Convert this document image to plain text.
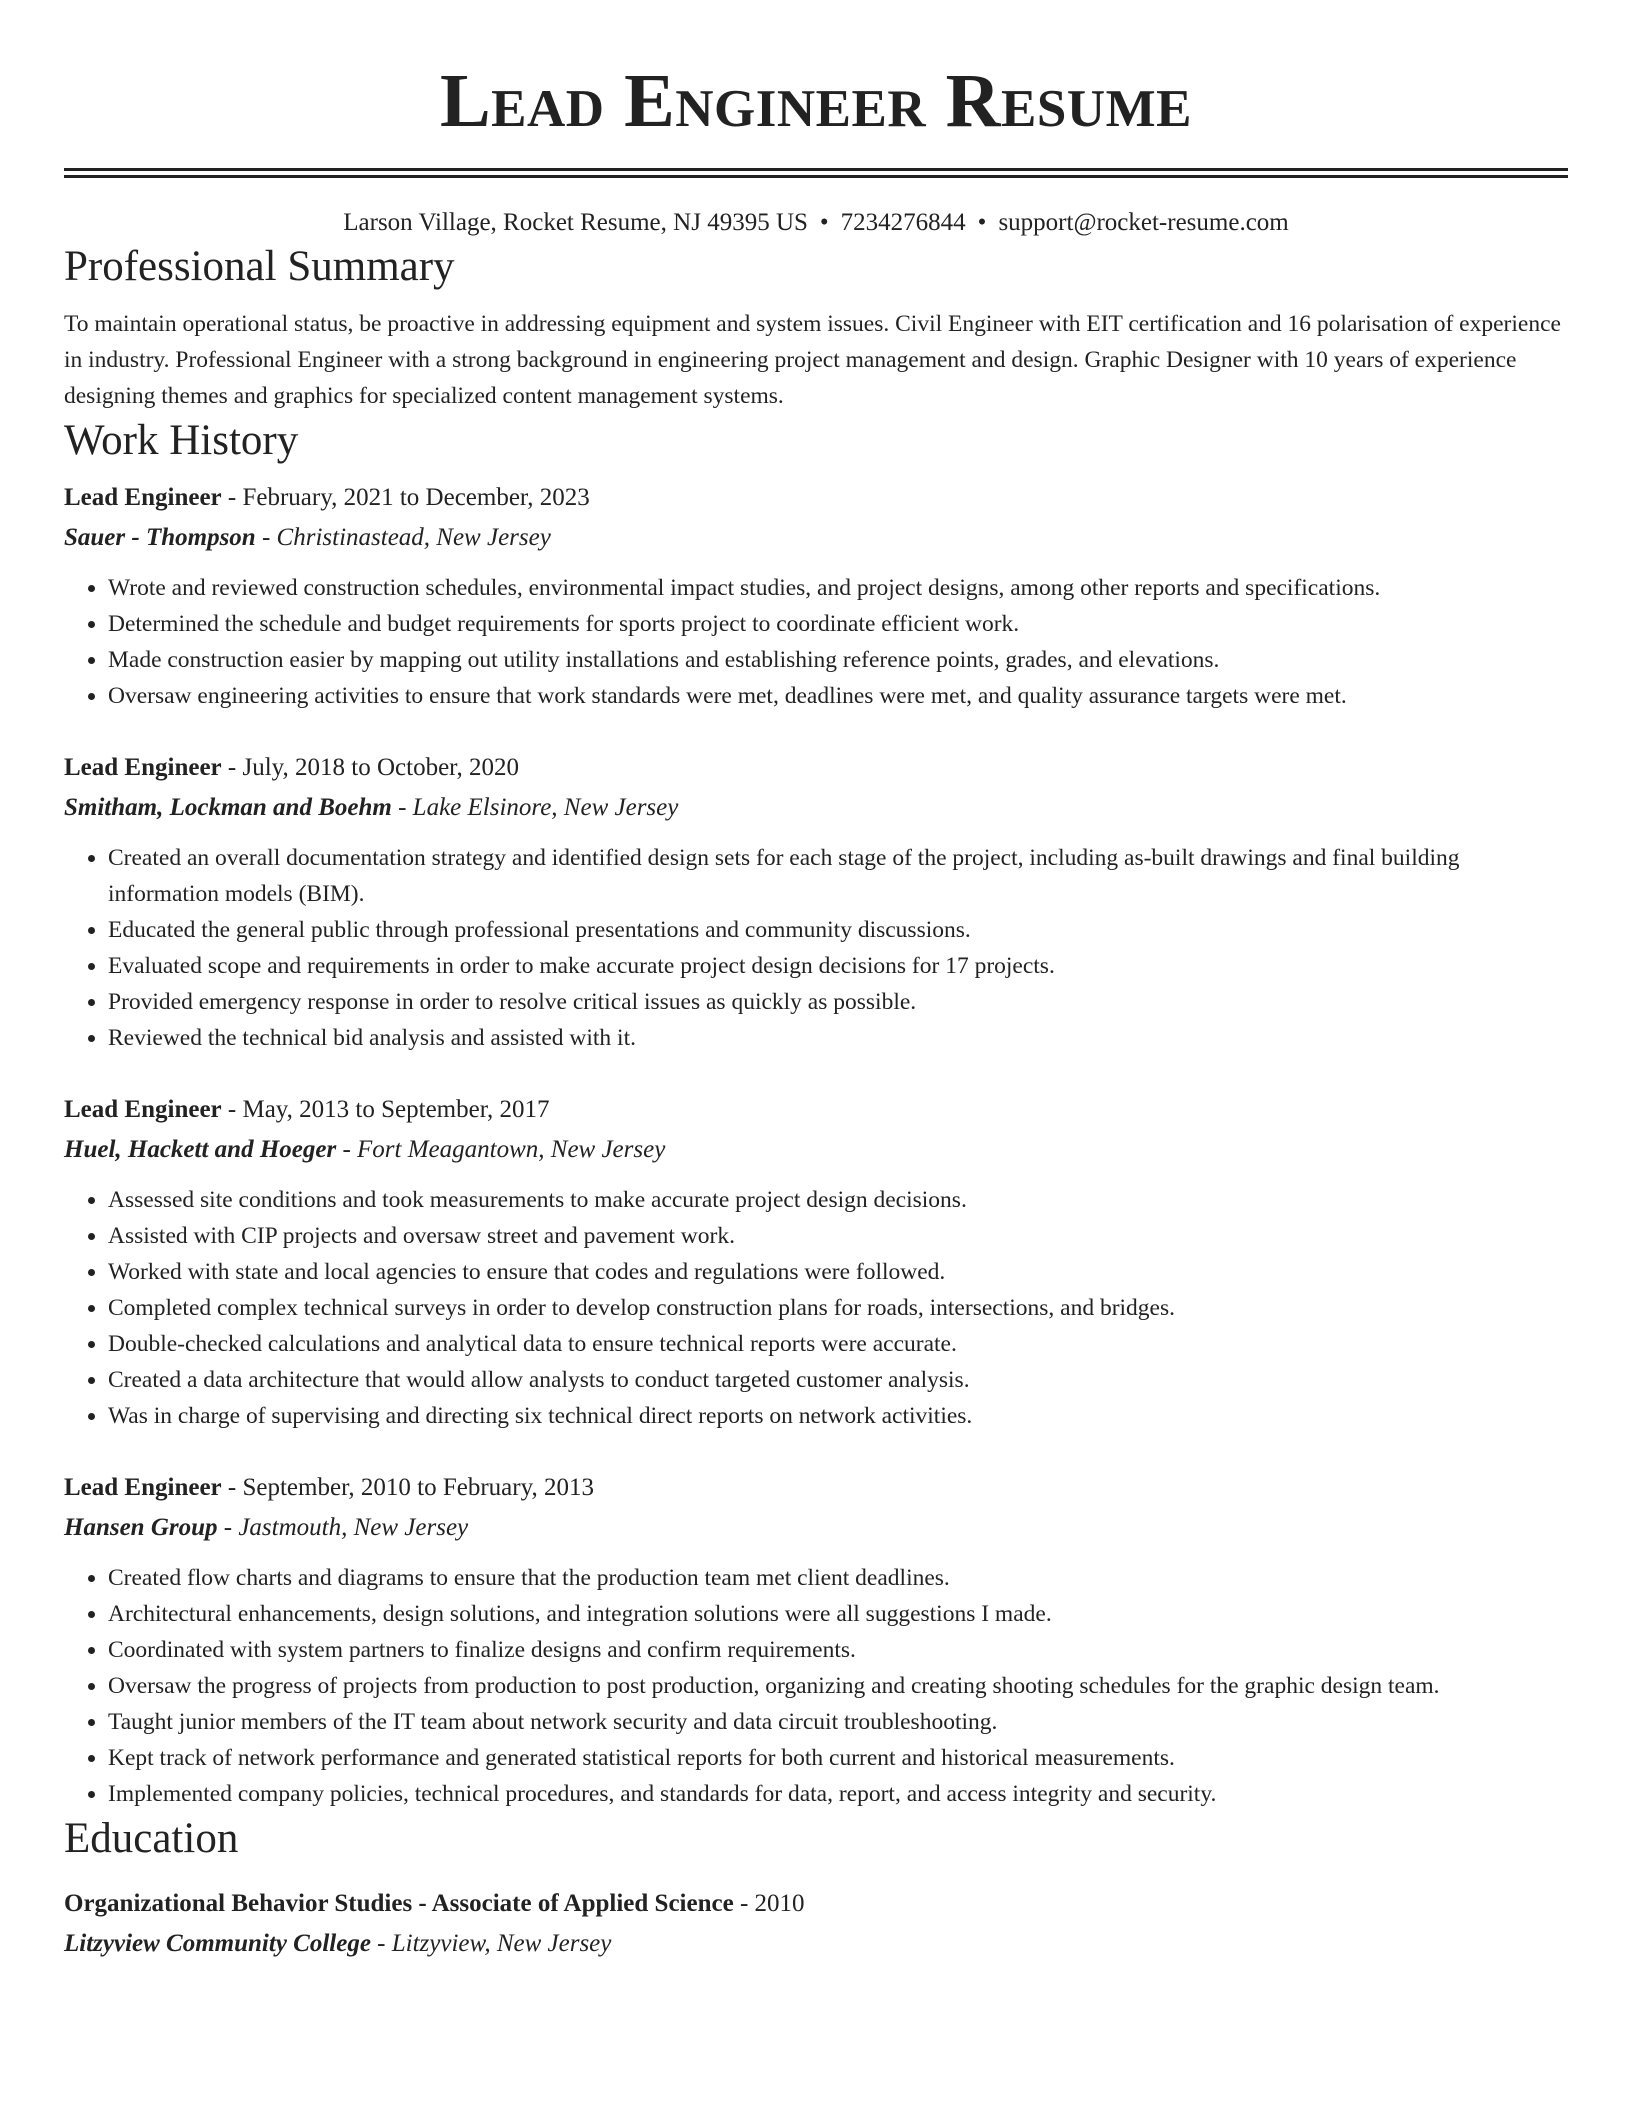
Lead Engineer Resume
Larson Village, Rocket Resume, NJ 49395 US • 7234276844 • support@rocket-resume.com
Professional Summary
To maintain operational status, be proactive in addressing equipment and system issues. Civil Engineer with EIT certification and 16 polarisation of experience in industry. Professional Engineer with a strong background in engineering project management and design. Graphic Designer with 10 years of experience designing themes and graphics for specialized content management systems.
Work History
Lead Engineer - February, 2021 to December, 2023
Sauer - Thompson - Christinastead, New Jersey
• Wrote and reviewed construction schedules, environmental impact studies, and project designs, among other reports and specifications.
• Determined the schedule and budget requirements for sports project to coordinate efficient work.
• Made construction easier by mapping out utility installations and establishing reference points, grades, and elevations.
• Oversaw engineering activities to ensure that work standards were met, deadlines were met, and quality assurance targets were met.
Lead Engineer - July, 2018 to October, 2020
Smitham, Lockman and Boehm - Lake Elsinore, New Jersey
• Created an overall documentation strategy and identified design sets for each stage of the project, including as-built drawings and final building information models (BIM).
• Educated the general public through professional presentations and community discussions.
• Evaluated scope and requirements in order to make accurate project design decisions for 17 projects.
• Provided emergency response in order to resolve critical issues as quickly as possible.
• Reviewed the technical bid analysis and assisted with it.
Lead Engineer - May, 2013 to September, 2017
Huel, Hackett and Hoeger - Fort Meagantown, New Jersey
• Assessed site conditions and took measurements to make accurate project design decisions.
• Assisted with CIP projects and oversaw street and pavement work.
• Worked with state and local agencies to ensure that codes and regulations were followed.
• Completed complex technical surveys in order to develop construction plans for roads, intersections, and bridges.
• Double-checked calculations and analytical data to ensure technical reports were accurate.
• Created a data architecture that would allow analysts to conduct targeted customer analysis.
• Was in charge of supervising and directing six technical direct reports on network activities.
Lead Engineer - September, 2010 to February, 2013
Hansen Group - Jastmouth, New Jersey
• Created flow charts and diagrams to ensure that the production team met client deadlines.
• Architectural enhancements, design solutions, and integration solutions were all suggestions I made.
• Coordinated with system partners to finalize designs and confirm requirements.
• Oversaw the progress of projects from production to post production, organizing and creating shooting schedules for the graphic design team.
• Taught junior members of the IT team about network security and data circuit troubleshooting.
• Kept track of network performance and generated statistical reports for both current and historical measurements.
• Implemented company policies, technical procedures, and standards for data, report, and access integrity and security.
Education
Organizational Behavior Studies - Associate of Applied Science - 2010
Litzyview Community College - Litzyview, New Jersey
